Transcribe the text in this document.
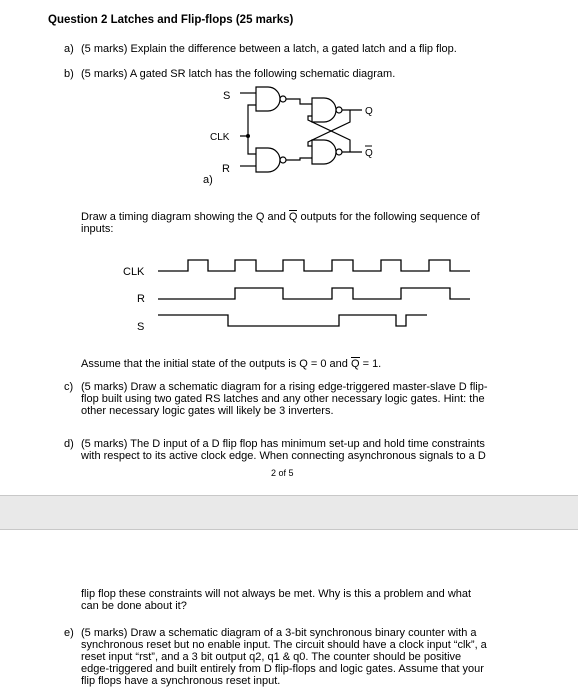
Question 2 Latches and Flip-flops (25 marks)
a) (5 marks) Explain the difference between a latch, a gated latch and a flip flop.
b) (5 marks) A gated SR latch has the following schematic diagram.
S
R
CLK
Q
Q
a)
Draw a timing diagram showing the Q and Q outputs for the following sequence of
inputs:
CLK
R
S
Assume that the initial state of the outputs is Q = 0 and Q = 1.
c) (5 marks) Draw a schematic diagram for a rising edge-triggered master-slave D flip-
flop built using two gated RS latches and any other necessary logic gates. Hint: the
other necessary logic gates will likely be 3 inverters.
d) (5 marks) The D input of a D flip flop has minimum set-up and hold time constraints
with respect to its active clock edge. When connecting asynchronous signals to a D
2 of 5
flip flop these constraints will not always be met. Why is this a problem and what
can be done about it?
e) (5 marks) Draw a schematic diagram of a 3-bit synchronous binary counter with a
synchronous reset but no enable input. The circuit should have a clock input “clk”, a
reset input “rst”, and a 3 bit output q2, q1 & q0. The counter should be positive
edge-triggered and built entirely from D flip-flops and logic gates. Assume that your
flip flops have a synchronous reset input.
